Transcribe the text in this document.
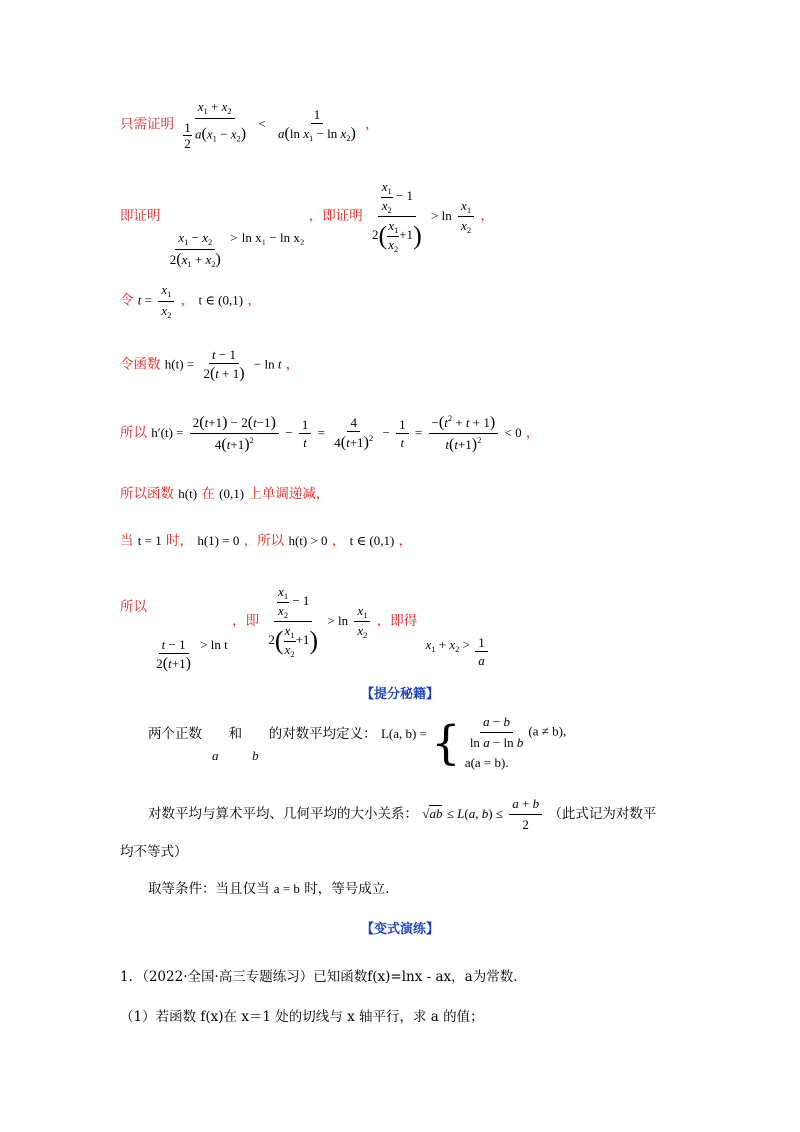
只需证明 $\frac{x_1 + x_2}{\frac{1}{2} a(x_1 - x_2)} < \frac{1}{a(\ln x_1 - \ln x_2)}$ ，
即证明
$\frac{x_1 - x_2}{2(x_1 + x_2)} > \ln x_1 - \ln x_2$ ，即证明 $\frac{\frac{x_1}{x_2} - 1}{2( \frac{x_1}{x_2} +1)} > \ln \frac{x_1}{x_2}$ ，
令 $t = \frac{x_1}{x_2}$ ， t ∈ (0,1) ，
令函数 $h(t) = \frac{t - 1}{2(t + 1)} - \ln t$ ，
所以 $h'(t) = \frac{2(t+1) - 2(t-1)}{4(t+1)^2} - \frac{1}{t} = \frac{4}{4(t+1)^2} - \frac{1}{t} = \frac{-(t^2 + t + 1)}{t(t+1)^2} < 0$ ，
所以函数 h(t) 在 (0,1) 上单调递减，
当 t = 1 时， h(1) = 0 ，所以 h(t) > 0 ， t ∈ (0,1) ，
所以
$\frac{t - 1}{2(t+1)} > \ln t$ ，即 $\frac{\frac{x_1}{x_2} - 1}{2( \frac{x_1}{x_2} +1)} > \ln \frac{x_1}{x_2}$ ，即得 $x_1 + x_2 > \frac{1}{a}$
【提分秘籍】
两个正数 a 和 b 的对数平均定义： L(a, b) = { $\frac{a - b}{\text{ln a − ln b}} (a \ne b)$,
a(a = b).
对数平均与算术平均、几何平均的大小关系： √ab ≤ L(a, $b) \le \frac{a + b}{2}$ （此式记为对数平
均不等式）
取等条件：当且仅当 a = b 时，等号成立．
【变式演练】
1．（2022·全国·高三专题练习）已知函数f(x)=lnx - ax，a为常数．
（1）若函数 f(x)在 x＝1 处的切线与 x 轴平行，求 a 的值；
